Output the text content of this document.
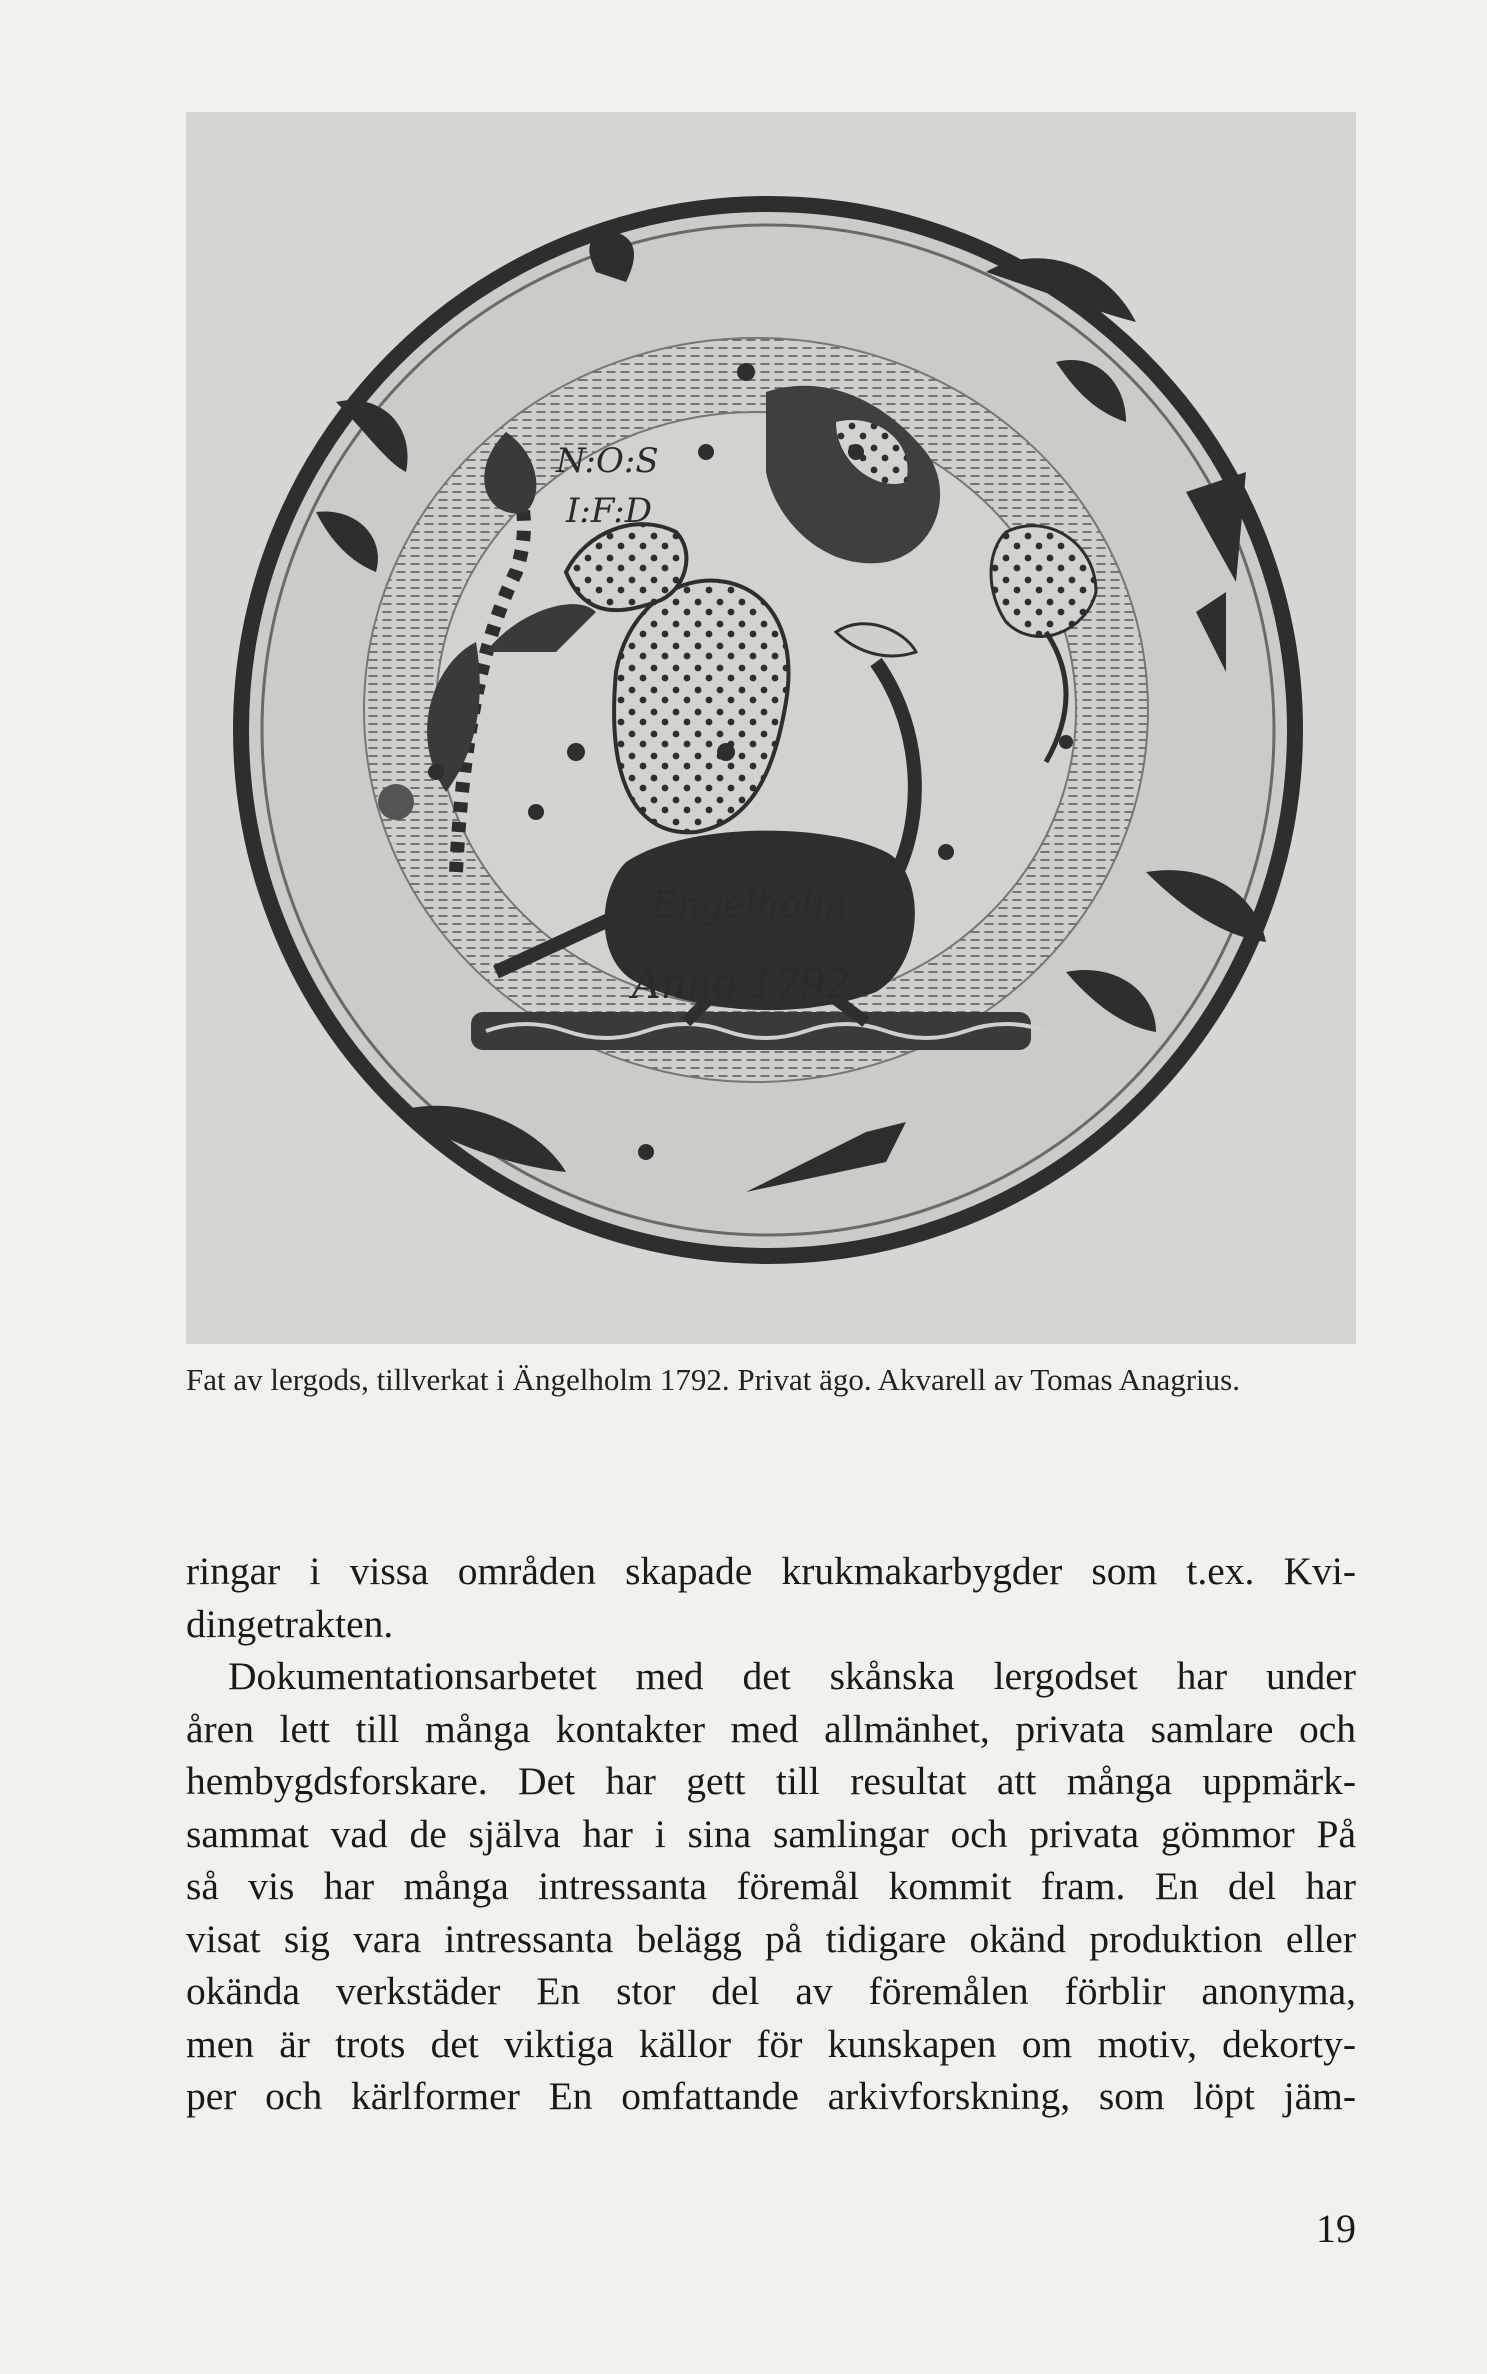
N:O:S
I:F:D
Engelholm
Anno 1792
Fat av lergods, tillverkat i Ängelholm 1792. Privat ägo. Akvarell av Tomas Anagrius.
ringar i vissa områden skapade krukmakarbygder som t.ex. Kvi-
dingetrakten.
Dokumentationsarbetet med det skånska lergodset har under
åren lett till många kontakter med allmänhet, privata samlare och
hembygdsforskare. Det har gett till resultat att många uppmärk-
sammat vad de själva har i sina samlingar och privata gömmor På
så vis har många intressanta föremål kommit fram. En del har
visat sig vara intressanta belägg på tidigare okänd produktion eller
okända verkstäder En stor del av föremålen förblir anonyma,
men är trots det viktiga källor för kunskapen om motiv, dekorty-
per och kärlformer En omfattande arkivforskning, som löpt jäm-
19
